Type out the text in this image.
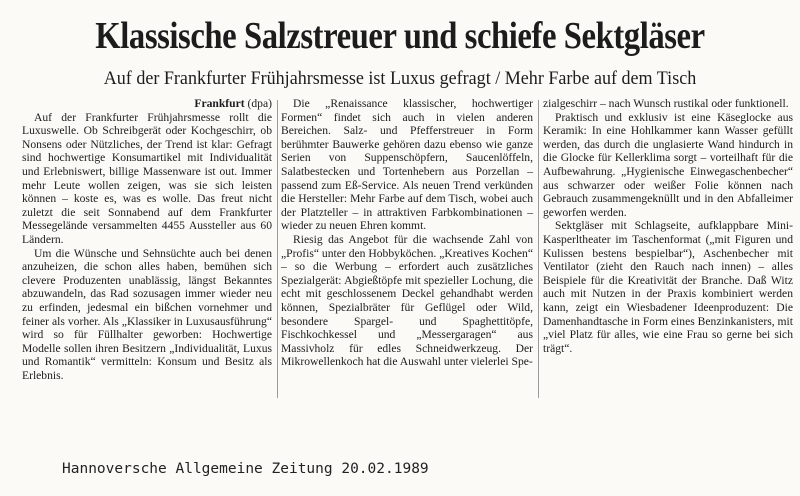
Klassische Salzstreuer und schiefe Sektgläser
Auf der Frankfurter Frühjahrsmesse ist Luxus gefragt / Mehr Farbe auf dem Tisch
Frankfurt (dpa)

Auf der Frankfurter Frühjahrsmesse rollt die Luxuswelle. Ob Schreibgerät oder Kochgeschirr, ob Nonsens oder Nützliches, der Trend ist klar: Gefragt sind hochwertige Konsumartikel mit Individualität und Erlebniswert, billige Massenware ist out. Immer mehr Leute wollen zeigen, was sie sich leisten können – koste es, was es wolle. Das freut nicht zuletzt die seit Sonnabend auf dem Frankfurter Messegelände versammelten 4455 Aussteller aus 60 Ländern.

Um die Wünsche und Sehnsüchte auch bei denen anzuheizen, die schon alles haben, bemühen sich clevere Produzenten unablässig, längst Bekanntes abzuwandeln, das Rad sozusagen immer wieder neu zu erfinden, jedesmal ein bißchen vornehmer und feiner als vorher. Als „Klassiker in Luxusausführung“ wird so für Füllhalter geworben: Hochwertige Modelle sollen ihren Besitzern „Individualität, Luxus und Romantik“ vermitteln: Konsum und Besitz als Erlebnis.

Die „Renaissance klassischer, hochwertiger Formen“ findet sich auch in vielen anderen Bereichen. Salz- und Pfefferstreuer in Form berühmter Bauwerke gehören dazu ebenso wie ganze Serien von Suppenschöpfern, Saucenlöffeln, Salatbestecken und Tortenhebern aus Porzellan – passend zum Eß-Service. Als neuen Trend verkünden die Hersteller: Mehr Farbe auf dem Tisch, wobei auch der Platzteller – in attraktiven Farbkombinationen – wieder zu neuen Ehren kommt.

Riesig das Angebot für die wachsende Zahl von „Profis“ unter den Hobbyköchen. „Kreatives Kochen“ – so die Werbung – erfordert auch zusätzliches Spezialgerät: Abgießtöpfe mit spezieller Lochung, die echt mit geschlossenem Deckel gehandhabt werden können, Spezialbräter für Geflügel oder Wild, besondere Spargel- und Spaghettitöpfe, Fischkochkessel und „Messergaragen“ aus Massivholz für edles Schneidwerkzeug. Der Mikrowellenkoch hat die Auswahl unter vielerlei Spe-

zialgeschirr – nach Wunsch rustikal oder funktionell.

Praktisch und exklusiv ist eine Käseglocke aus Keramik: In eine Hohlkammer kann Wasser gefüllt werden, das durch die unglasierte Wand hindurch in die Glocke für Kellerklima sorgt – vorteilhaft für die Aufbewahrung. „Hygienische Einwegaschenbecher“ aus schwarzer oder weißer Folie können nach Gebrauch zusammengeknüllt und in den Abfalleimer geworfen werden.

Sektgläser mit Schlagseite, aufklappbare Mini-Kasperltheater im Taschenformat („mit Figuren und Kulissen bestens bespielbar“), Aschenbecher mit Ventilator (zieht den Rauch nach innen) – alles Beispiele für die Kreativität der Branche. Daß Witz auch mit Nutzen in der Praxis kombiniert werden kann, zeigt ein Wiesbadener Ideenproduzent: Die Damenhandtasche in Form eines Benzinkanisters, mit „viel Platz für alles, wie eine Frau so gerne bei sich trägt“.

Hannoversche Allgemeine Zeitung 20.02.1989
